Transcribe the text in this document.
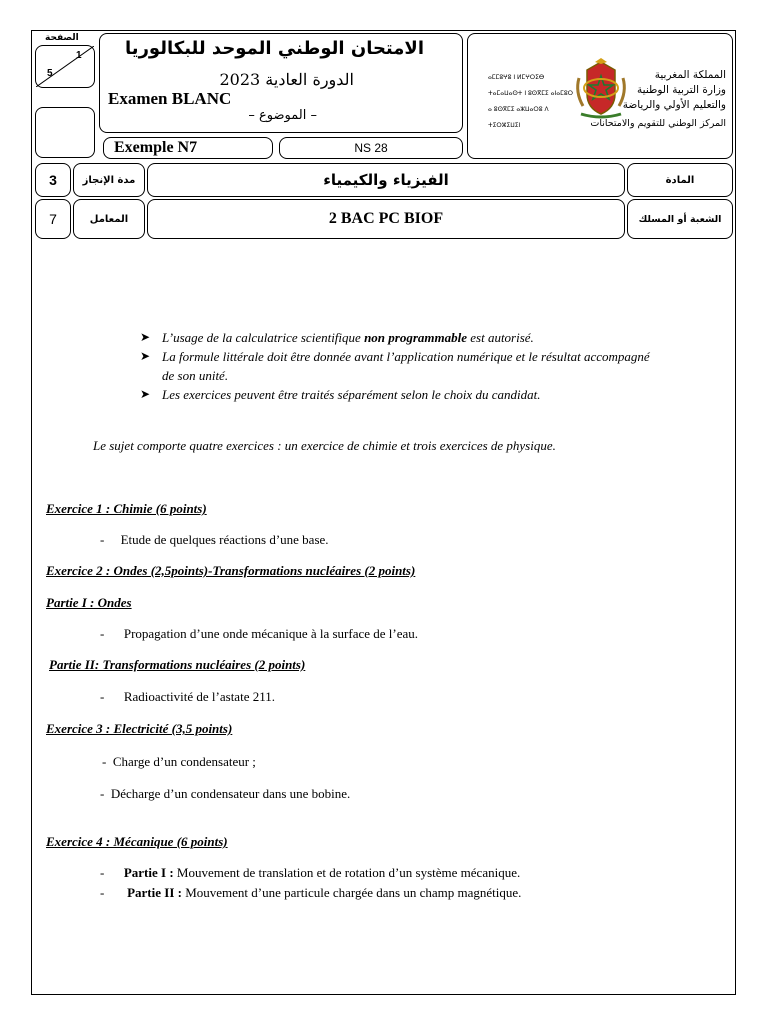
1
5
الصفحة	الامتحان الوطني الموحد للبكالوريا
الدورة العادية 2023
Examen BLANC
– الموضوع –
Exemple N7	NS 28
ⴰⵎⵎⵓⵖⵓ ⵏ ⵍⵎⵖⵔⵉⴱ
ⵜⴰⵎⴰⵡⴰⵙⵜ ⵏ ⵓⵙⴳⵎⵉ ⴰⵏⴰⵎⵓⵔ
ⴰ ⵓⵙⴳⵎⵉ ⴰⵣⵡⴰⵔⵓ ⴷ ⵜⵉⵔⵣⵉⵡⵉⵏ
المملكة المغربية
وزارة التربية الوطنية
والتعليم الأولي والرياضة
المركز الوطني للتقويم والامتحانات
3	مدة الإنجاز	الفيزياء والكيمياء	المادة
7	المعامل	2 BAC PC BIOF	الشعبة أو المسلك
➤ L’usage de la calculatrice scientifique non programmable est autorisé.
➤ La formule littérale doit être donnée avant l’application numérique et le résultat accompagné de son unité.
➤ Les exercices peuvent être traités séparément selon le choix du candidat.
Le sujet comporte quatre exercices : un exercice de chimie et trois exercices de physique.
Exercice 1 : Chimie (6 points)
-     Etude de quelques réactions d’une base.
Exercice 2 : Ondes (2,5points)-Transformations nucléaires (2 points)
Partie I : Ondes
-      Propagation d’une onde mécanique à la surface de l’eau.
Partie II: Transformations nucléaires (2 points)
-      Radioactivité de l’astate 211.
Exercice 3 : Electricité (3,5 points)
-  Charge d’un condensateur ;
-  Décharge d’un condensateur dans une bobine.
Exercice 4 : Mécanique (6 points)
-      Partie I : Mouvement de translation et de rotation d’un système mécanique.
-       Partie II : Mouvement d’une particule chargée dans un champ magnétique.
